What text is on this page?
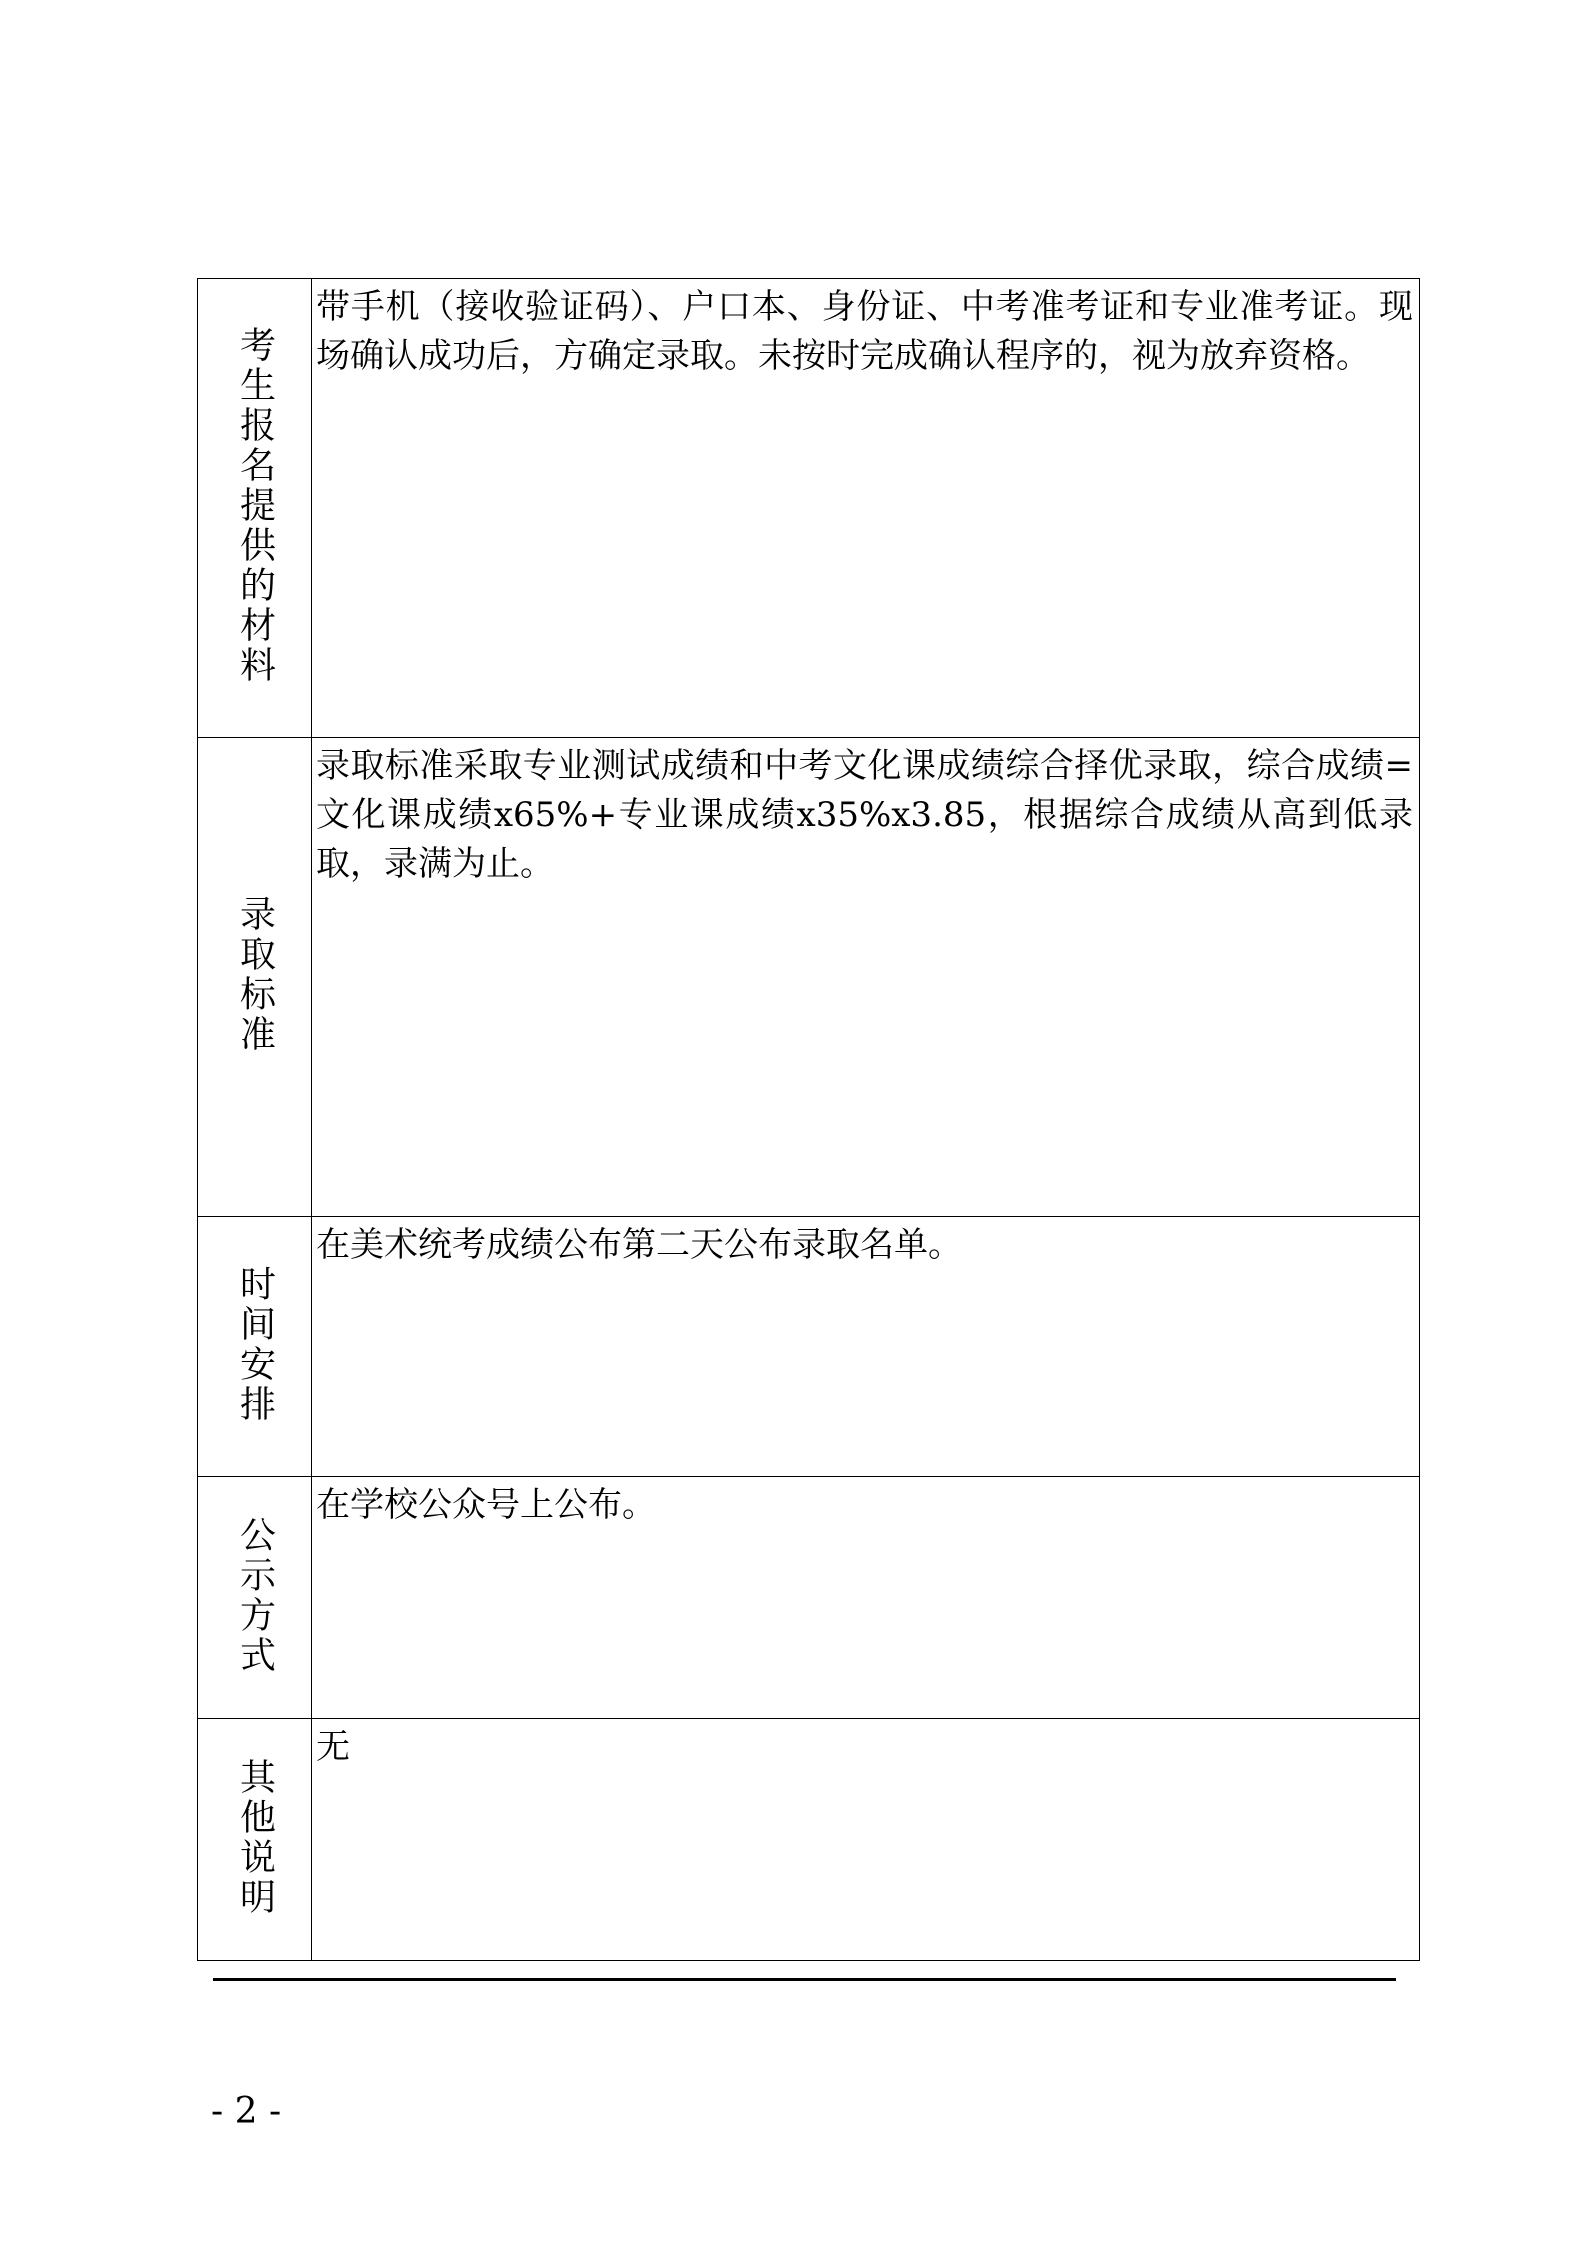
考生报名提供的材料	带手机（接收验证码）、户口本、身份证、中考准考证和专业准考证。现场确认成功后，方确定录取。未按时完成确认程序的，视为放弃资格。

录取标准	录取标准采取专业测试成绩和中考文化课成绩综合择优录取，综合成绩=文化课成绩x65%+专业课成绩x35%x3.85，根据综合成绩从高到低录取，录满为止。

时间安排	在美术统考成绩公布第二天公布录取名单。

公示方式	在学校公众号上公布。

其他说明	无
- 2 -
